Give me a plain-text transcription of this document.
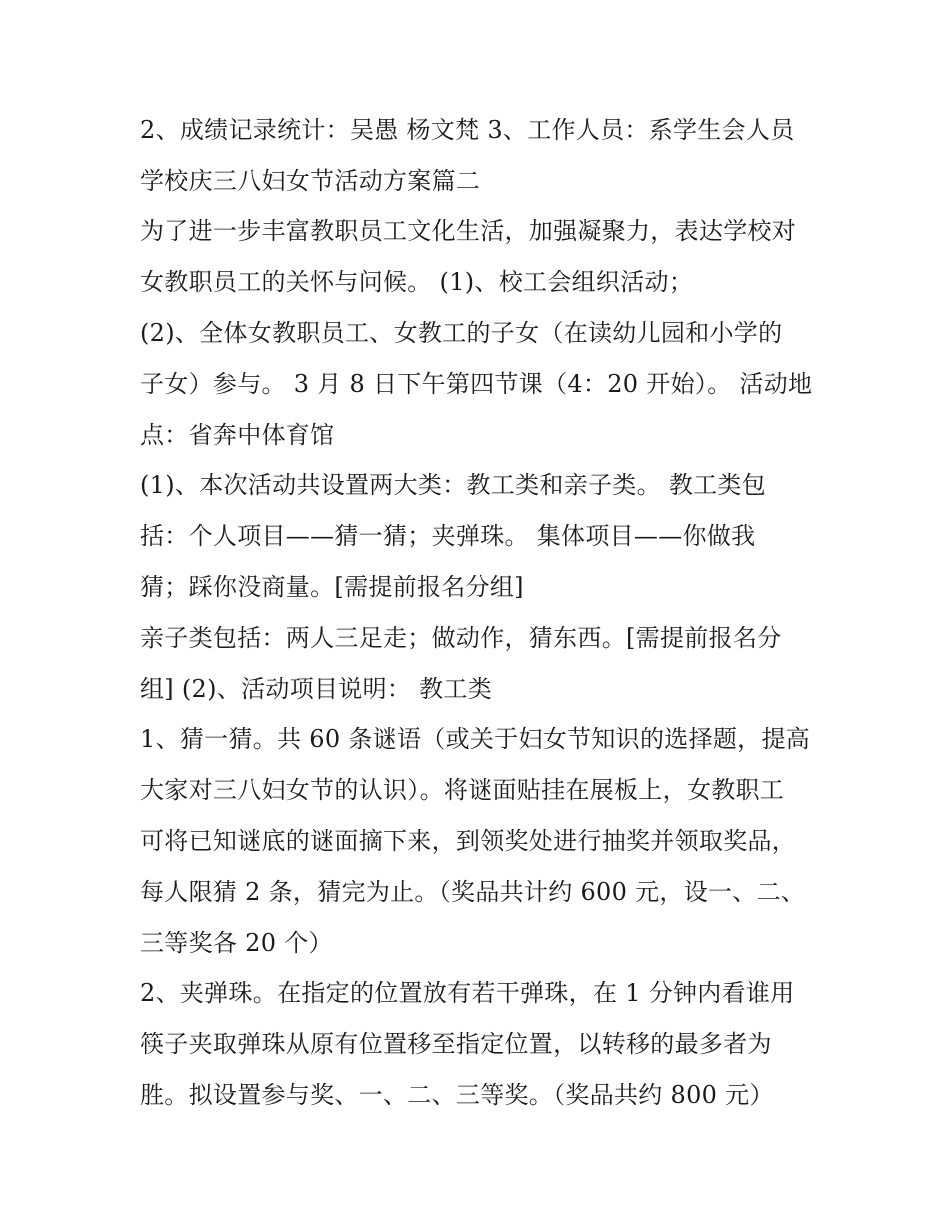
2、成绩记录统计：吴愚 杨文梵 3、工作人员：系学生会人员
学校庆三八妇女节活动方案篇二
为了进一步丰富教职员工文化生活，加强凝聚力，表达学校对
女教职员工的关怀与问候。 (1)、校工会组织活动；
(2)、全体女教职员工、女教工的子女（在读幼儿园和小学的
子女）参与。 3 月 8 日下午第四节课（4：20 开始）。 活动地
点：省奔中体育馆
(1)、本次活动共设置两大类：教工类和亲子类。 教工类包
括：个人项目——猜一猜；夹弹珠。 集体项目——你做我
猜；踩你没商量。[需提前报名分组]
亲子类包括：两人三足走；做动作，猜东西。[需提前报名分
组] (2)、活动项目说明： 教工类
1、猜一猜。共 60 条谜语（或关于妇女节知识的选择题，提高
大家对三八妇女节的认识）。将谜面贴挂在展板上，女教职工
可将已知谜底的谜面摘下来，到领奖处进行抽奖并领取奖品，
每人限猜 2 条，猜完为止。（奖品共计约 600 元，设一、二、
三等奖各 20 个）
2、夹弹珠。在指定的位置放有若干弹珠，在 1 分钟内看谁用
筷子夹取弹珠从原有位置移至指定位置，以转移的最多者为
胜。拟设置参与奖、一、二、三等奖。（奖品共约 800 元）
